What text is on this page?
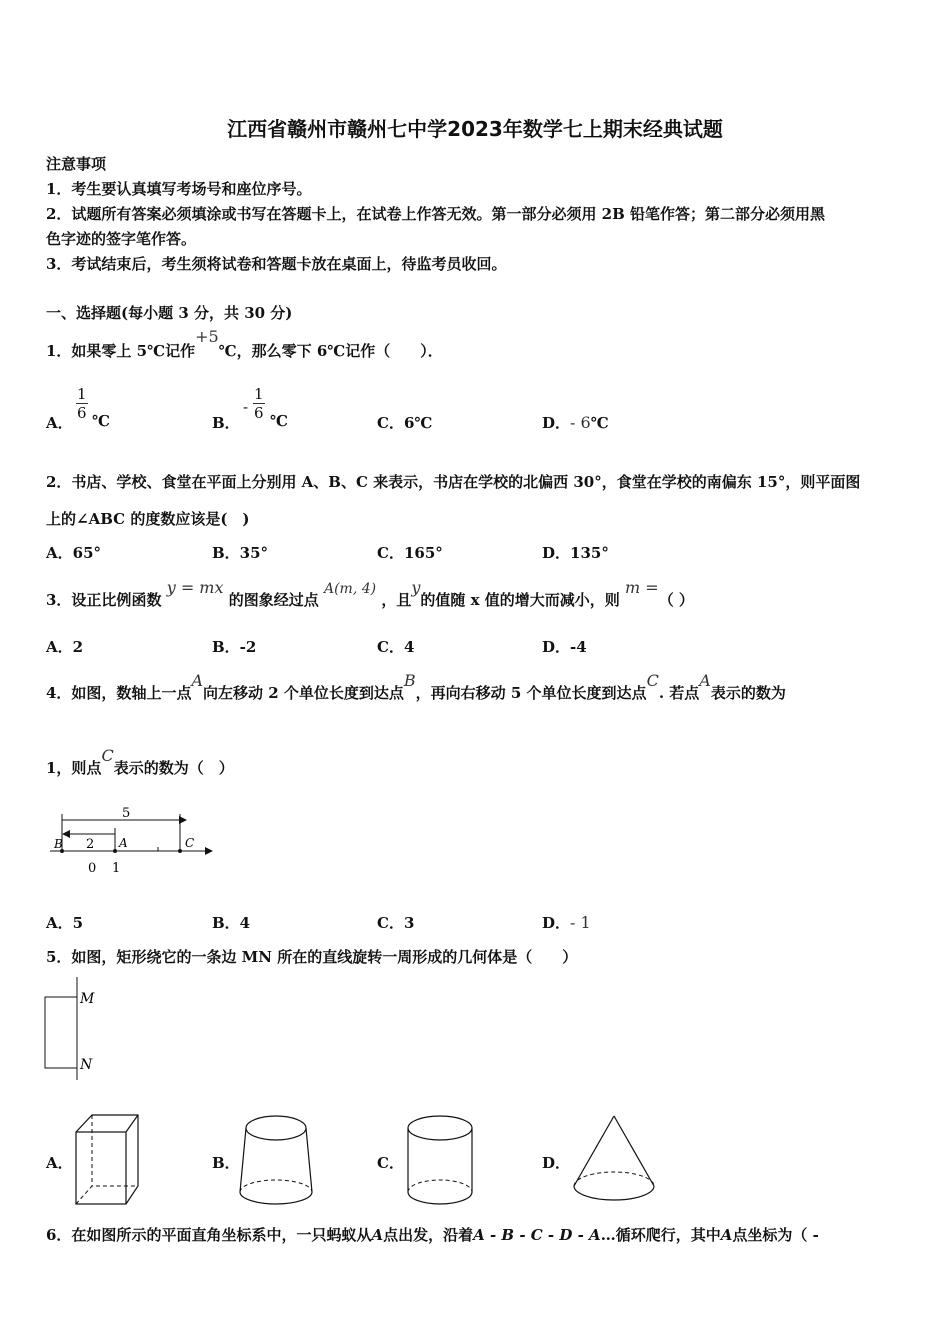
江西省赣州市赣州七中学2023年数学七上期末经典试题
注意事项
1．考生要认真填写考场号和座位序号。
2．试题所有答案必须填涂或书写在答题卡上，在试卷上作答无效。第一部分必须用 2B 铅笔作答；第二部分必须用黑
色字迹的签字笔作答。
3．考试结束后，考生须将试卷和答题卡放在桌面上，待监考员收回。
一、选择题(每小题 3 分，共 30 分)
1．如果零上 5℃记作+5℃，那么零下 6℃记作（　　）．
A．
$\frac{1}{6}$ ℃	B．
- $\frac{1}{6}$ ℃	C．6℃	D．- 6℃
2．书店、学校、食堂在平面上分别用 A、B、C 来表示，书店在学校的北偏西 30°，食堂在学校的南偏东 15°，则平面图
上的∠ABC 的度数应该是(　)
A．65°	B．35°	C．165°	D．135°
3．设正比例函数 y = mx 的图象经过点 A(m, 4) ，且y的值随 x 值的增大而减小，则 m =（ ）
A．2	B．-2	C．4	D．-4
4．如图，数轴上一点A向左移动 2 个单位长度到达点B，再向右移动 5 个单位长度到达点C. 若点A表示的数为
1，则点C表示的数为（　）
5
2
B	A	C
0 1
A．5	B．4	C．3	D．- 1
5．如图，矩形绕它的一条边 MN 所在的直线旋转一周形成的几何体是（　　）
M
N
A．	B．	C．	D．
6．在如图所示的平面直角坐标系中，一只蚂蚁从A点出发，沿着A - B - C - D - A…循环爬行，其中A点坐标为（ -
